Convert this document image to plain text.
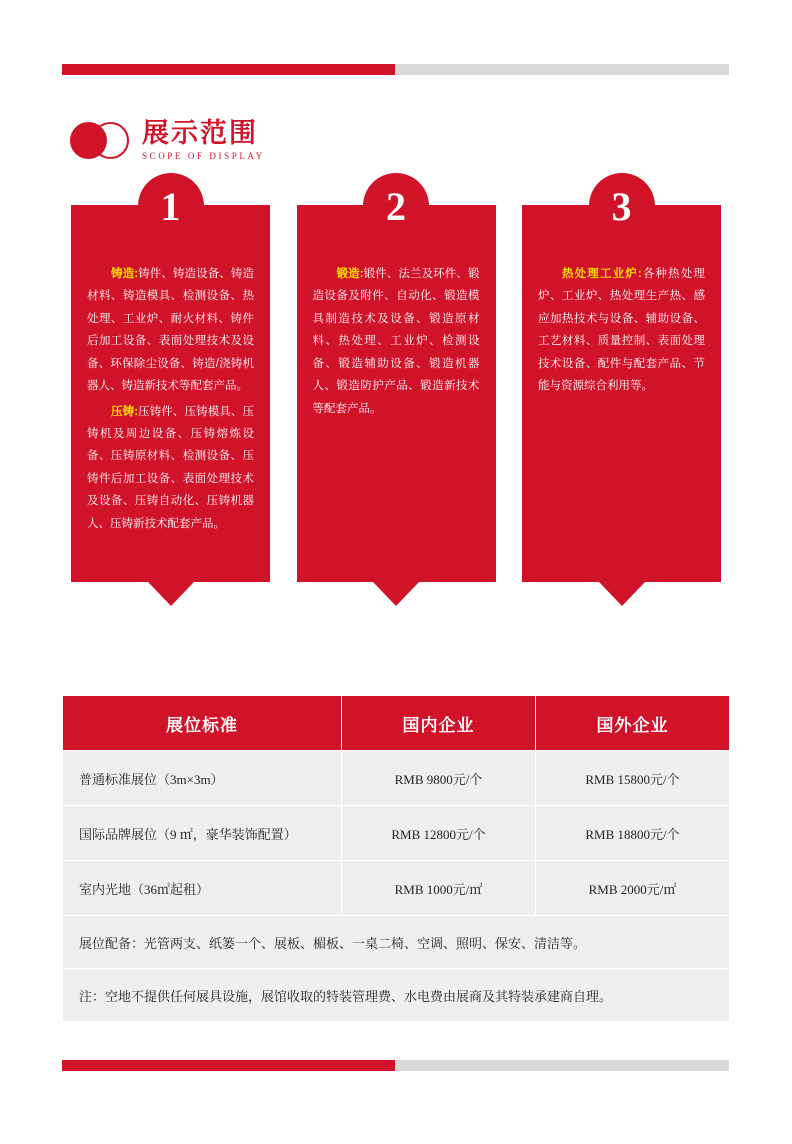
展示范围
SCOPE OF DISPLAY
1

铸造:铸件、铸造设备、铸造材料、铸造模具、检测设备、热处理、工业炉、耐火材料、铸件后加工设备、表面处理技术及设备、环保除尘设备、铸造/浇铸机器人、铸造新技术等配套产品。

压铸:压铸件、压铸模具、压铸机及周边设备、压铸熔炼设备、压铸原材料、检测设备、压铸件后加工设备、表面处理技术及设备、压铸自动化、压铸机器人、压铸新技术配套产品。

2

锻造:锻件、法兰及环件、锻造设备及附件、自动化、锻造模具制造技术及设备、锻造原材料、热处理、工业炉、检测设备、锻造辅助设备、锻造机器人、锻造防护产品、锻造新技术等配套产品。

3

热处理工业炉:各种热处理炉、工业炉、热处理生产热、感应加热技术与设备、辅助设备、工艺材料、质量控制、表面处理技术设备、配件与配套产品、节能与资源综合利用等。

展位标准	国内企业	国外企业
普通标准展位（3m×3m）	RMB 9800元/个	RMB 15800元/个
国际品牌展位（9 ㎡，豪华装饰配置）	RMB 12800元/个	RMB 18800元/个
室内光地（36㎡起租）	RMB 1000元/㎡	RMB 2000元/㎡
展位配备：光管两支、纸篓一个、展板、楣板、一桌二椅、空调、照明、保安、清洁等。		
注：空地不提供任何展具设施，展馆收取的特装管理费、水电费由展商及其特装承建商自理。		
